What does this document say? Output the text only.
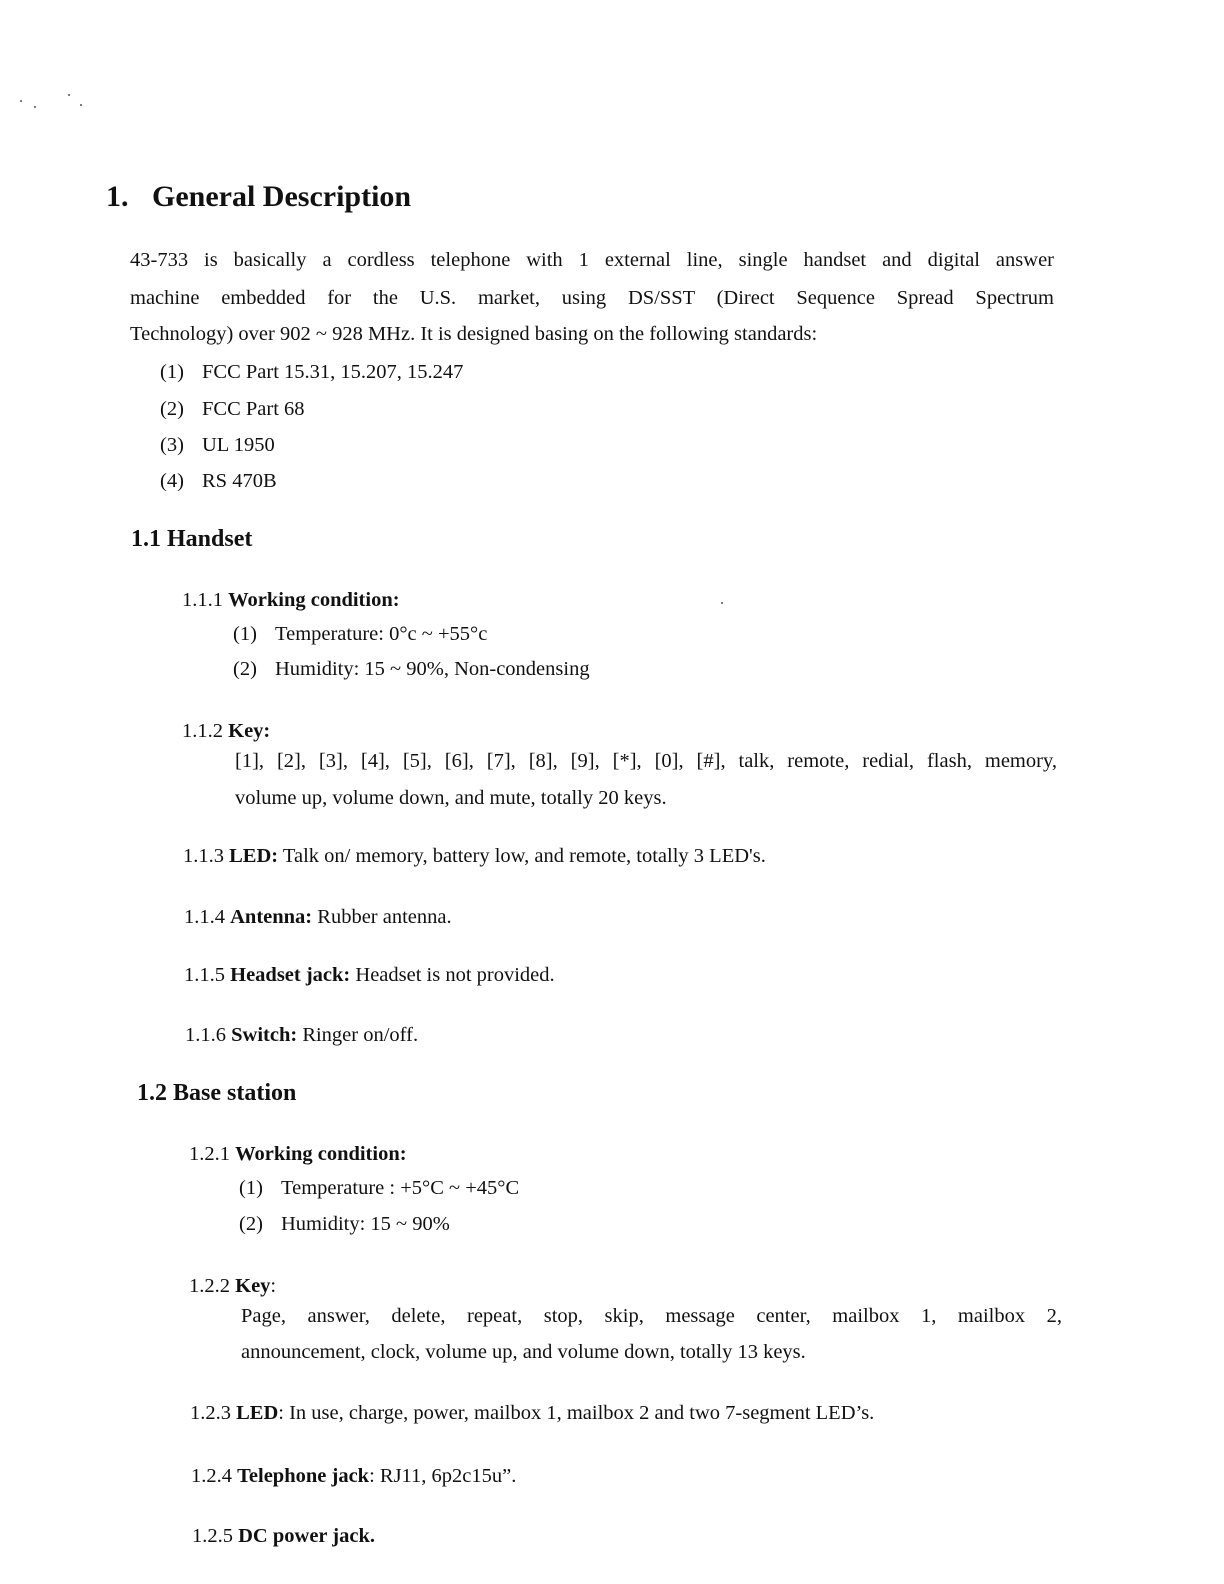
1. General Description
43-733 is basically a cordless telephone with 1 external line, single handset and digital answer
machine embedded for the U.S. market, using DS/SST (Direct Sequence Spread Spectrum
Technology) over 902 ~ 928 MHz. It is designed basing on the following standards:
(1) FCC Part 15.31, 15.207, 15.247
(2) FCC Part 68
(3) UL 1950
(4) RS 470B
1.1 Handset
1.1.1 Working condition:
(1) Temperature: 0°c ~ +55°c
(2) Humidity: 15 ~ 90%, Non-condensing
1.1.2 Key:
[1], [2], [3], [4], [5], [6], [7], [8], [9], [*], [0], [#], talk, remote, redial, flash, memory,
volume up, volume down, and mute, totally 20 keys.
1.1.3 LED: Talk on/ memory, battery low, and remote, totally 3 LED's.
1.1.4 Antenna: Rubber antenna.
1.1.5 Headset jack: Headset is not provided.
1.1.6 Switch: Ringer on/off.
1.2 Base station
1.2.1 Working condition:
(1) Temperature : +5°C ~ +45°C
(2) Humidity: 15 ~ 90%
1.2.2 Key:
Page, answer, delete, repeat, stop, skip, message center, mailbox 1, mailbox 2,
announcement, clock, volume up, and volume down, totally 13 keys.
1.2.3 LED: In use, charge, power, mailbox 1, mailbox 2 and two 7-segment LED’s.
1.2.4 Telephone jack: RJ11, 6p2c15u”.
1.2.5 DC power jack.
